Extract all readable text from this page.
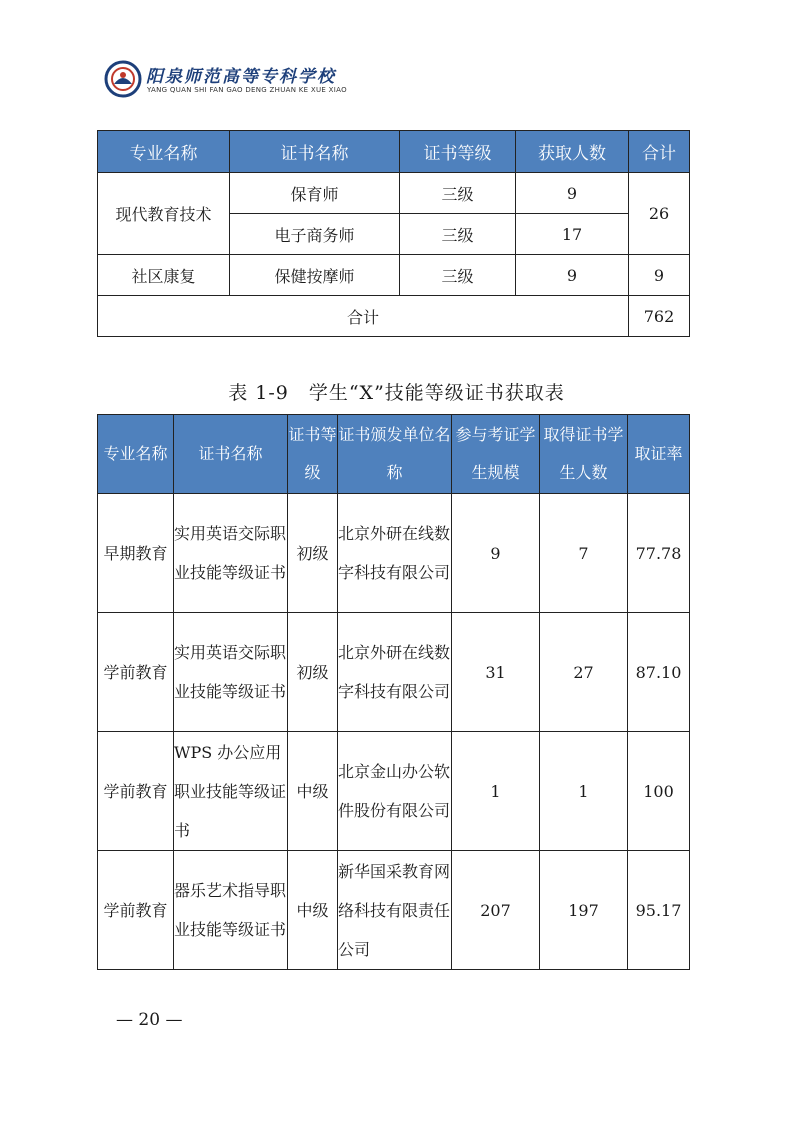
阳泉师范高等专科学校
YANG QUAN SHI FAN GAO DENG ZHUAN KE XUE XIAO
专业名称	证书名称	证书等级	获取人数	合计
现代教育技术	保育师	三级	9	26
	电子商务师	三级	17	
社区康复	保健按摩师	三级	9	9
合计				762
表 1-9　学生“X”技能等级证书获取表
专业名称	证书名称	证书等级	证书颁发单位名称	参与考证学生规模	取得证书学生人数	取证率
早期教育	实用英语交际职业技能等级证书	初级	北京外研在线数字科技有限公司	9	7	77.78
学前教育	实用英语交际职业技能等级证书	初级	北京外研在线数字科技有限公司	31	27	87.10
学前教育	WPS 办公应用职业技能等级证书	中级	北京金山办公软件股份有限公司	1	1	100
学前教育	器乐艺术指导职业技能等级证书	中级	新华国采教育网络科技有限责任公司	207	197	95.17
— 20 —
